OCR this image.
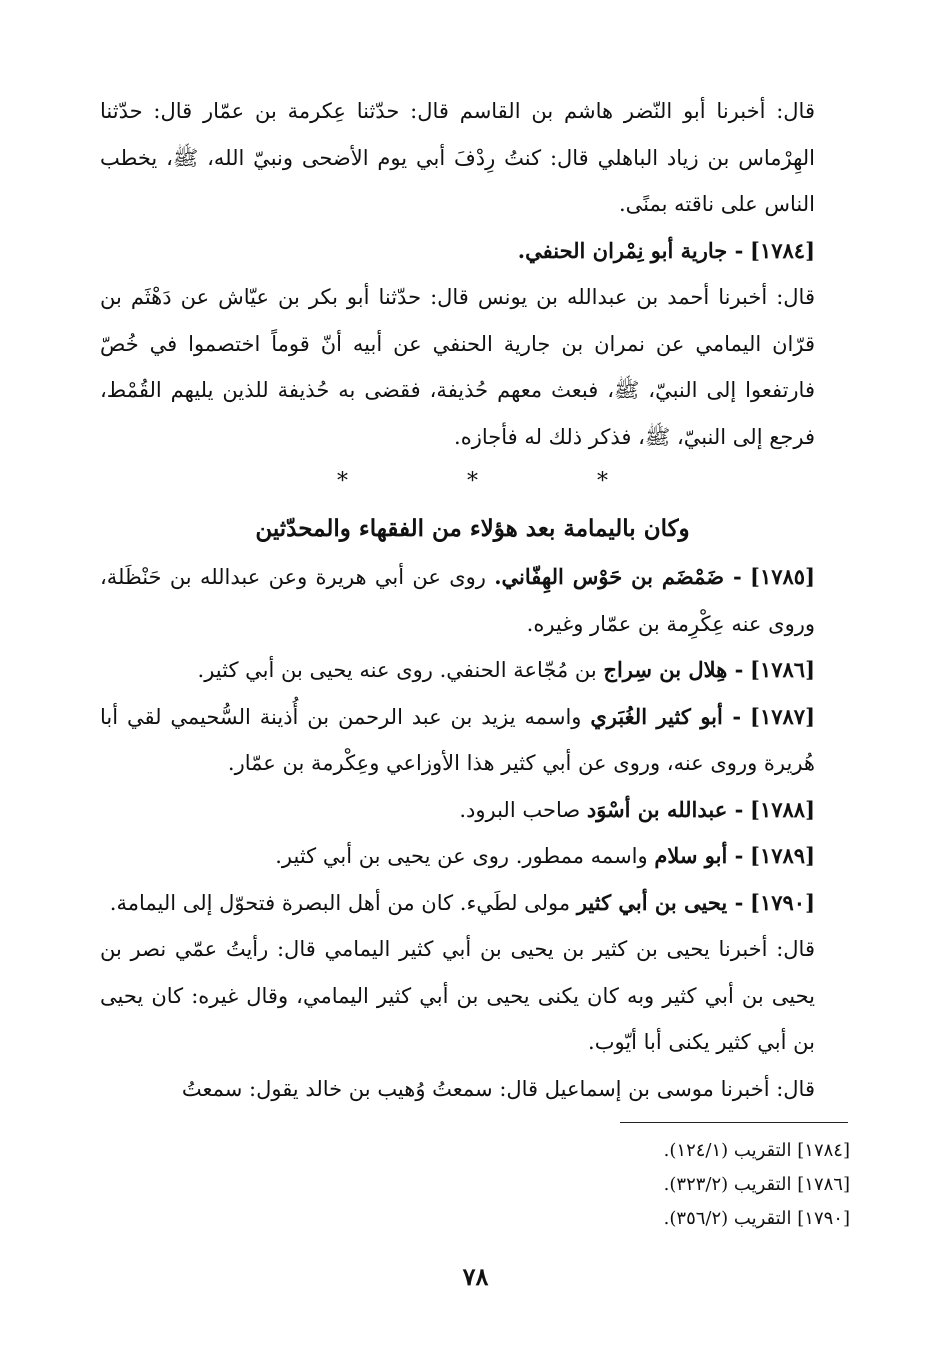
قال: أخبرنا أبو النّضر هاشم بن القاسم قال: حدّثنا عِكرمة بن عمّار قال: حدّثنا الهِرْماس بن زياد الباهلي قال: كنتُ رِدْفَ أبي يوم الأضحى ونبيّ الله، ﷺ، يخطب الناس على ناقته بمنًى.

[١٧٨٤] - جارية أبو نِمْران الحنفي.

قال: أخبرنا أحمد بن عبدالله بن يونس قال: حدّثنا أبو بكر بن عيّاش عن دَهْثَم بن قرّان اليمامي عن نمران بن جارية الحنفي عن أبيه أنّ قوماً اختصموا في خُصّ فارتفعوا إلى النبيّ، ﷺ، فبعث معهم حُذيفة، فقضى به حُذيفة للذين يليهم القُمْط، فرجع إلى النبيّ، ﷺ، فذكر ذلك له فأجازه.

* * *

وكان باليمامة بعد هؤلاء من الفقهاء والمحدّثين

[١٧٨٥] - ضَمْضَم بن حَوْس الهِفّاني. روى عن أبي هريرة وعن عبدالله بن حَنْظَلة، وروى عنه عِكْرِمة بن عمّار وغيره.

[١٧٨٦] - هِلال بن سِراج بن مُجّاعة الحنفي. روى عنه يحيى بن أبي كثير.

[١٧٨٧] - أبو كثير الغُبَري واسمه يزيد بن عبد الرحمن بن أُذينة السُّحيمي لقي أبا هُريرة وروى عنه، وروى عن أبي كثير هذا الأوزاعي وعِكْرمة بن عمّار.

[١٧٨٨] - عبدالله بن أسْوَد صاحب البرود.

[١٧٨٩] - أبو سلام واسمه ممطور. روى عن يحيى بن أبي كثير.

[١٧٩٠] - يحيى بن أبي كثير مولى لطَيء. كان من أهل البصرة فتحوّل إلى اليمامة.

قال: أخبرنا يحيى بن كثير بن يحيى بن أبي كثير اليمامي قال: رأيتُ عمّي نصر بن يحيى بن أبي كثير وبه كان يكنى يحيى بن أبي كثير اليمامي، وقال غيره: كان يحيى بن أبي كثير يكنى أبا أيّوب.

قال: أخبرنا موسى بن إسماعيل قال: سمعتُ وُهيب بن خالد يقول: سمعتُ

[١٧٨٤] التقريب (١٢٤/١).

[١٧٨٦] التقريب (٣٢٣/٢).

[١٧٩٠] التقريب (٣٥٦/٢).

٧٨
